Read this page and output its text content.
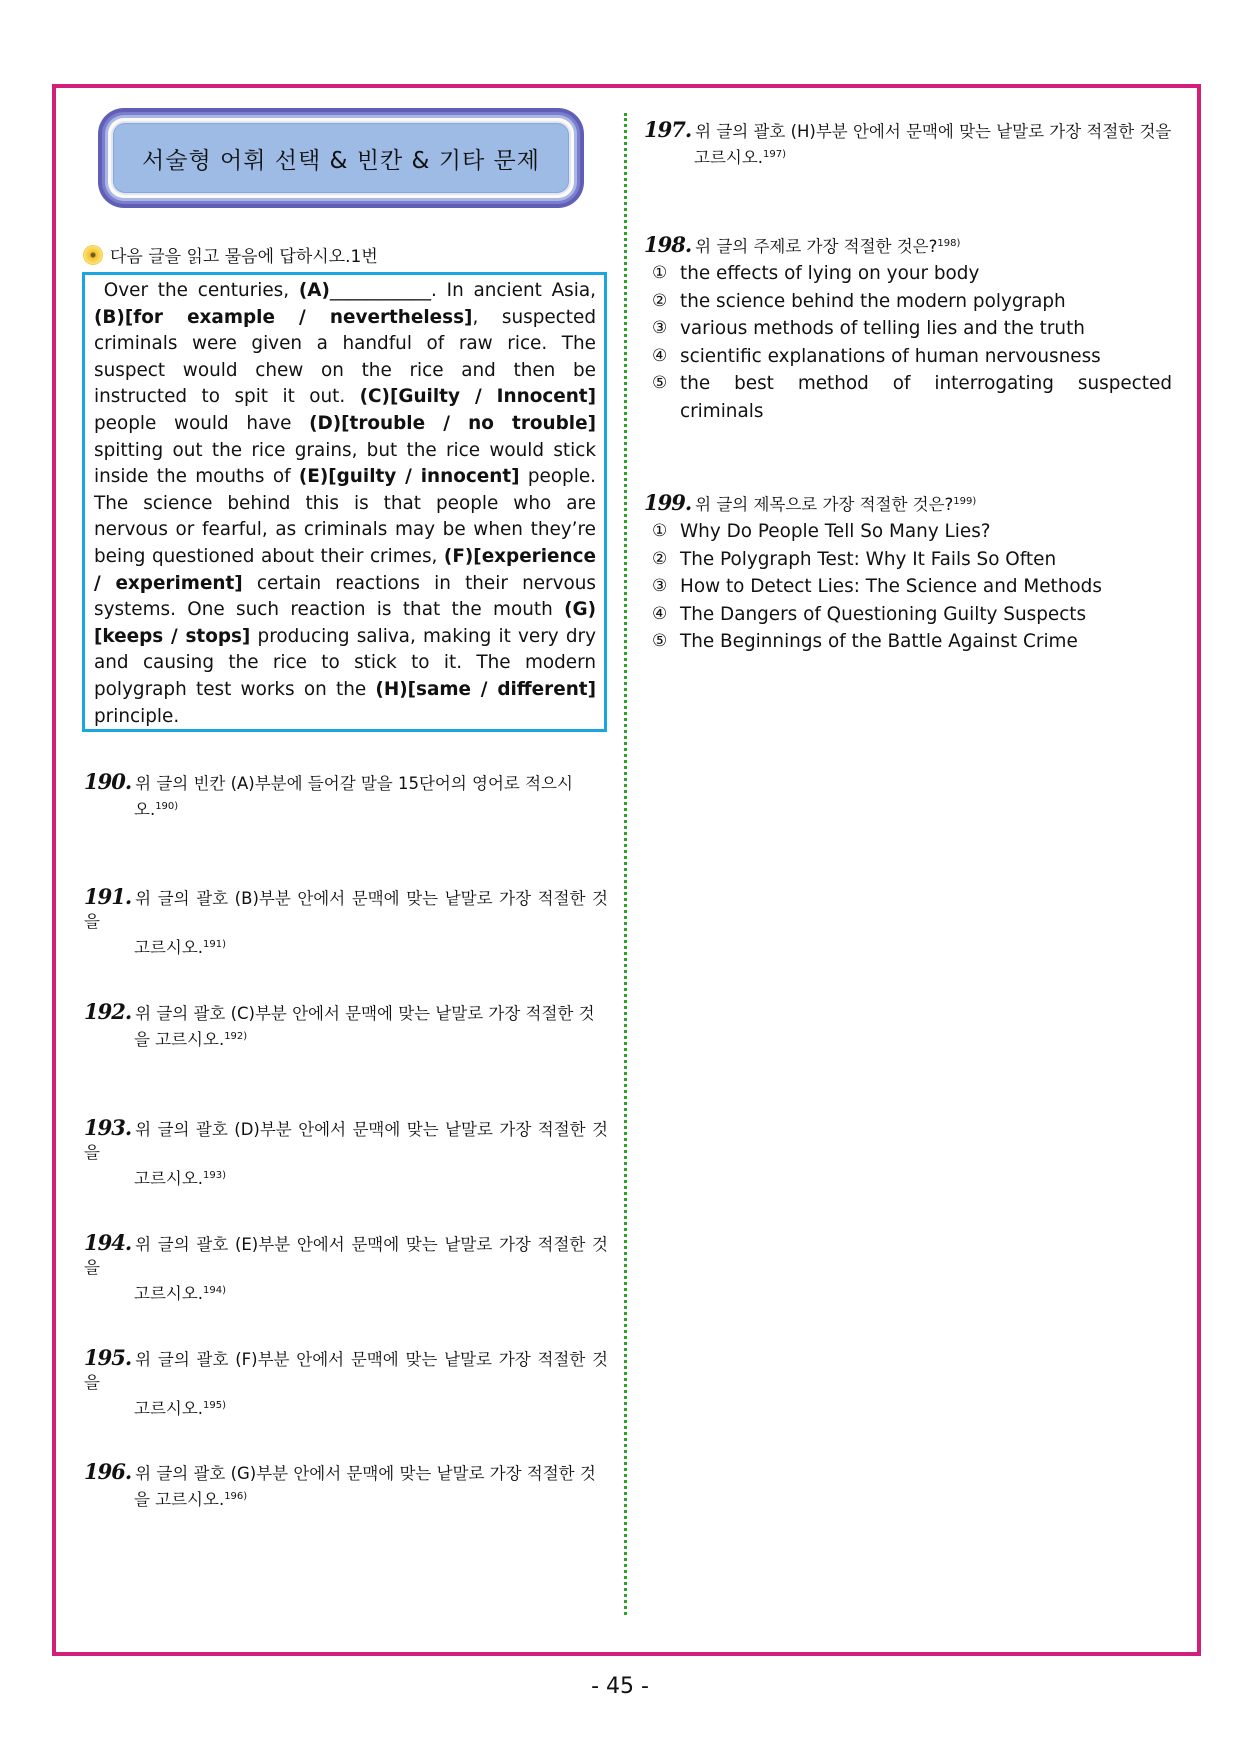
서술형 어휘 선택 & 빈칸 & 기타 문제
다음 글을 읽고 물음에 답하시오.1번
Over the centuries, (A)___________. In ancient Asia, (B)[for example / nevertheless], suspected criminals were given a handful of raw rice. The suspect would chew on the rice and then be instructed to spit it out. (C)[Guilty / Innocent] people would have (D)[trouble / no trouble] spitting out the rice grains, but the rice would stick inside the mouths of (E)[guilty / innocent] people. The science behind this is that people who are nervous or fearful, as criminals may be when they’re being questioned about their crimes, (F)[experience / experiment] certain reactions in their nervous systems. One such reaction is that the mouth (G)[keeps / stops] producing saliva, making it very dry and causing the rice to stick to it. The modern polygraph test works on the (H)[same / different] principle.
190. 위 글의 빈칸 (A)부분에 들어갈 말을 15단어의 영어로 적으시
오.$^{190)}$
191. 위 글의 괄호 (B)부분 안에서 문맥에 맞는 낱말로 가장 적절한 것을
고르시오.$^{191)}$
192. 위 글의 괄호 (C)부분 안에서 문맥에 맞는 낱말로 가장 적절한 것
을 고르시오.$^{192)}$
193. 위 글의 괄호 (D)부분 안에서 문맥에 맞는 낱말로 가장 적절한 것을
고르시오.$^{193)}$
194. 위 글의 괄호 (E)부분 안에서 문맥에 맞는 낱말로 가장 적절한 것을
고르시오.$^{194)}$
195. 위 글의 괄호 (F)부분 안에서 문맥에 맞는 낱말로 가장 적절한 것을
고르시오.$^{195)}$
196. 위 글의 괄호 (G)부분 안에서 문맥에 맞는 낱말로 가장 적절한 것
을 고르시오.$^{196)}$
197. 위 글의 괄호 (H)부분 안에서 문맥에 맞는 낱말로 가장 적절한 것을
고르시오.$^{197)}$
198. 위 글의 주제로 가장 적절한 것은?$^{198)}$
① the effects of lying on your body
② the science behind the modern polygraph
③ various methods of telling lies and the truth
④ scientific explanations of human nervousness
⑤ the best method of interrogating suspected
criminals
199. 위 글의 제목으로 가장 적절한 것은?$^{199)}$
① Why Do People Tell So Many Lies?
② The Polygraph Test: Why It Fails So Often
③ How to Detect Lies: The Science and Methods
④ The Dangers of Questioning Guilty Suspects
⑤ The Beginnings of the Battle Against Crime
- 45 -
